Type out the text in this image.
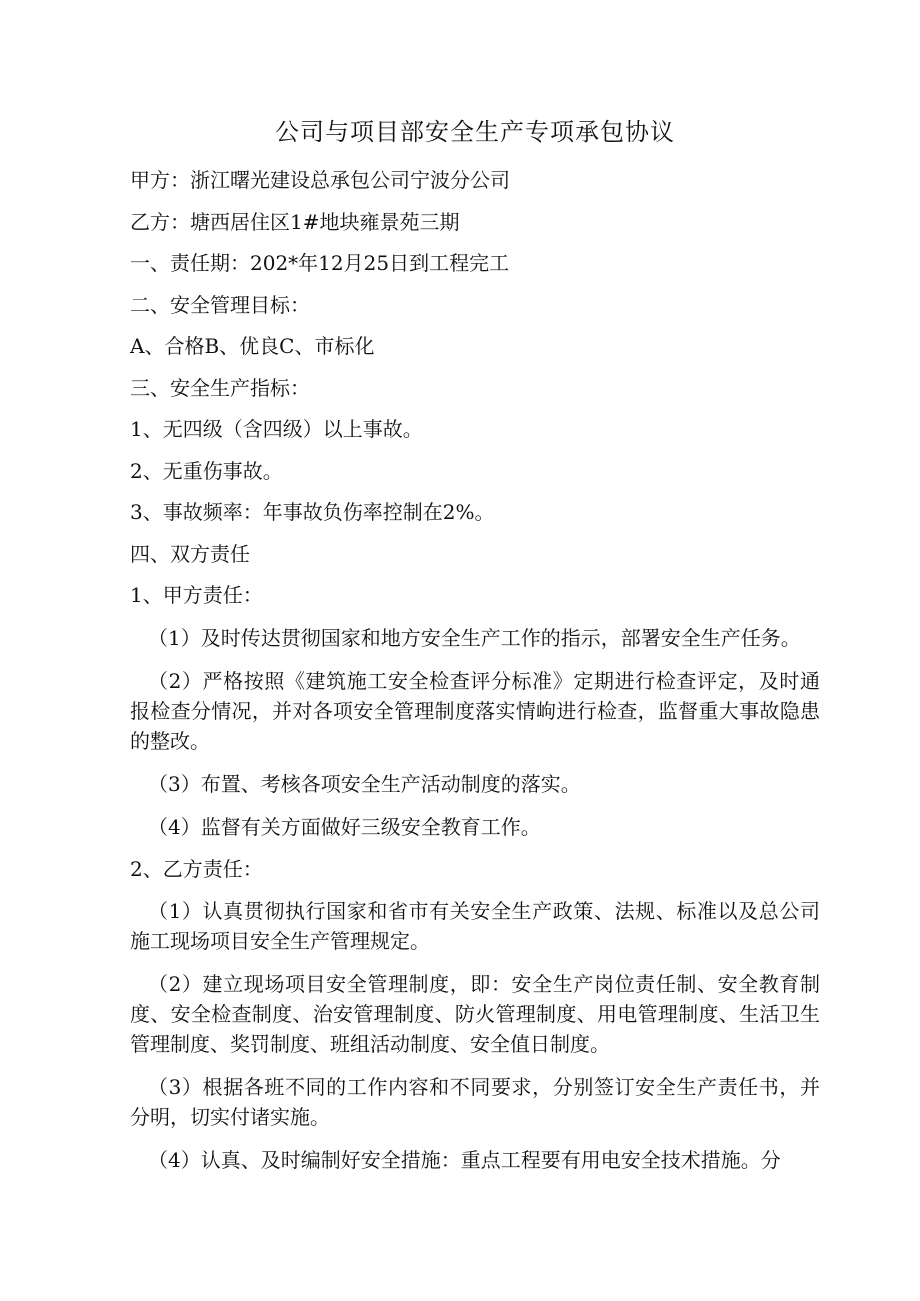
公司与项目部安全生产专项承包协议
甲方：浙江曙光建设总承包公司宁波分公司
乙方：塘西居住区1#地块雍景苑三期
一、责任期：202*年12月25日到工程完工
二、安全管理目标：
A、合格B、优良C、市标化
三、安全生产指标：
1、无四级（含四级）以上事故。
2、无重伤事故。
3、事故频率：年事故负伤率控制在2%。
四、双方责任
1、甲方责任：
（1）及时传达贯彻国家和地方安全生产工作的指示，部署安全生产任务。
（2）严格按照《建筑施工安全检查评分标准》定期进行检查评定，及时通报检查分情况，并对各项安全管理制度落实情岣进行检查，监督重大事故隐患的整改。
（3）布置、考核各项安全生产活动制度的落实。
（4）监督有关方面做好三级安全教育工作。
2、乙方责任：
（1）认真贯彻执行国家和省市有关安全生产政策、法规、标准以及总公司施工现场项目安全生产管理规定。
（2）建立现场项目安全管理制度，即：安全生产岗位责任制、安全教育制度、安全检查制度、治安管理制度、防火管理制度、用电管理制度、生活卫生管理制度、奖罚制度、班组活动制度、安全值日制度。
（3）根据各班不同的工作内容和不同要求，分别签订安全生产责任书，并分明，切实付诸实施。
（4）认真、及时编制好安全措施：重点工程要有用电安全技术措施。分
